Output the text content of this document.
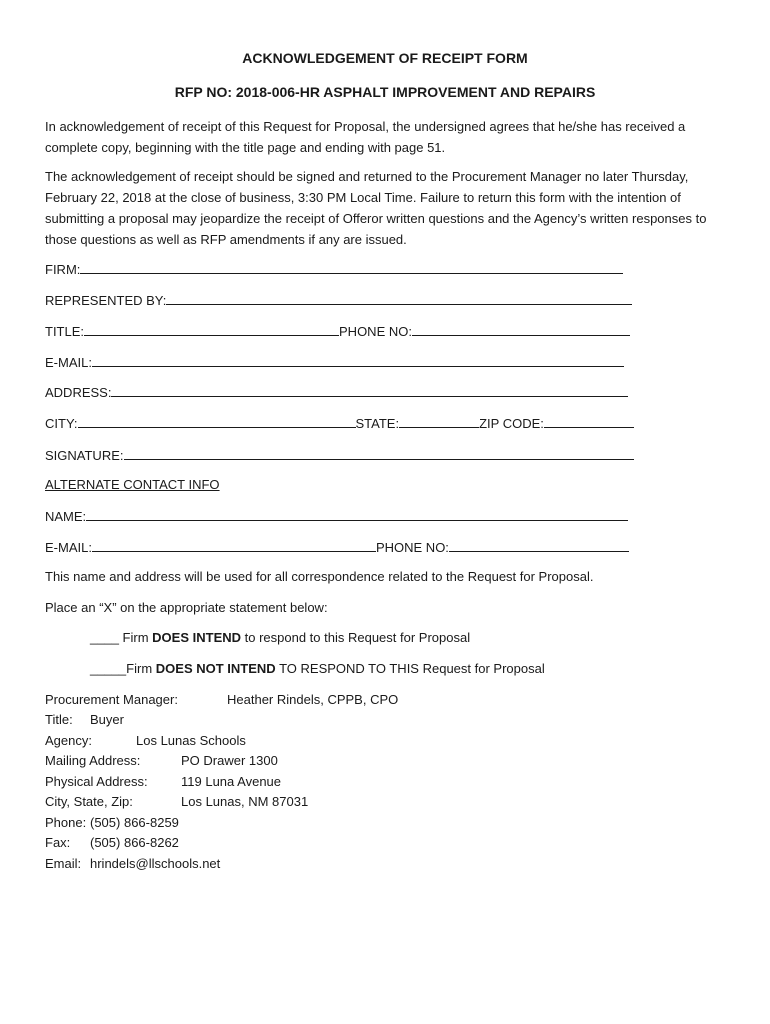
ACKNOWLEDGEMENT OF RECEIPT FORM
RFP NO: 2018-006-HR ASPHALT IMPROVEMENT AND REPAIRS
In acknowledgement of receipt of this Request for Proposal, the undersigned agrees that he/she has received a complete copy, beginning with the title page and ending with page 51.
The acknowledgement of receipt should be signed and returned to the Procurement Manager no later Thursday, February 22, 2018 at the close of business, 3:30 PM Local Time. Failure to return this form with the intention of submitting a proposal may jeopardize the receipt of Offeror written questions and the Agency’s written responses to those questions as well as RFP amendments if any are issued.
FIRM:
REPRESENTED BY:
TITLE:	PHONE NO:
E-MAIL:
ADDRESS:
CITY:	STATE:	ZIP CODE:
SIGNATURE:
ALTERNATE CONTACT INFO
NAME:
E-MAIL:	PHONE NO:
This name and address will be used for all correspondence related to the Request for Proposal.
Place an “X” on the appropriate statement below:
____ Firm DOES INTEND to respond to this Request for Proposal
_____Firm DOES NOT INTEND TO RESPOND TO THIS Request for Proposal
Procurement Manager:	Heather Rindels, CPPB, CPO
Title: Buyer
Agency:	Los Lunas Schools
Mailing Address:	PO Drawer 1300
Physical Address:	119 Luna Avenue
City, State, Zip:	Los Lunas, NM 87031
Phone: (505) 866-8259
Fax: (505) 866-8262
Email: hrindels@llschools.net
